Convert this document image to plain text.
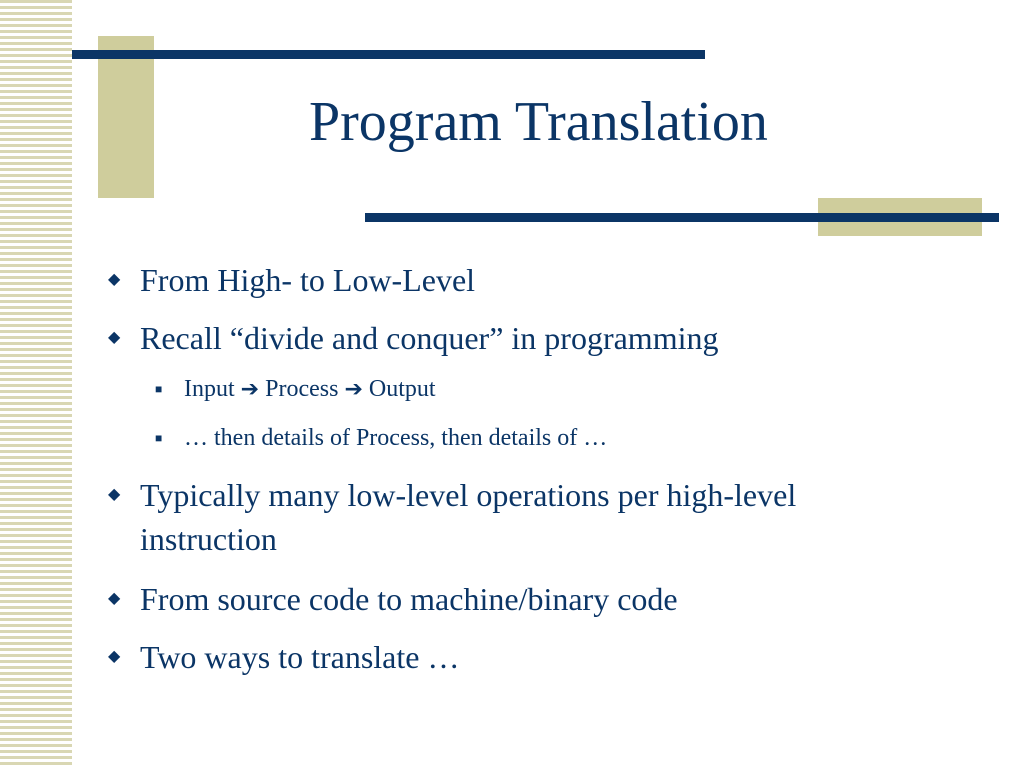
Program Translation
◆ From High- to Low-Level
◆ Recall “divide and conquer” in programming
■ Input ➔ Process ➔ Output
■ … then details of Process, then details of …
◆ Typically many low-level operations per high-level
instruction
◆ From source code to machine/binary code
◆ Two ways to translate …
